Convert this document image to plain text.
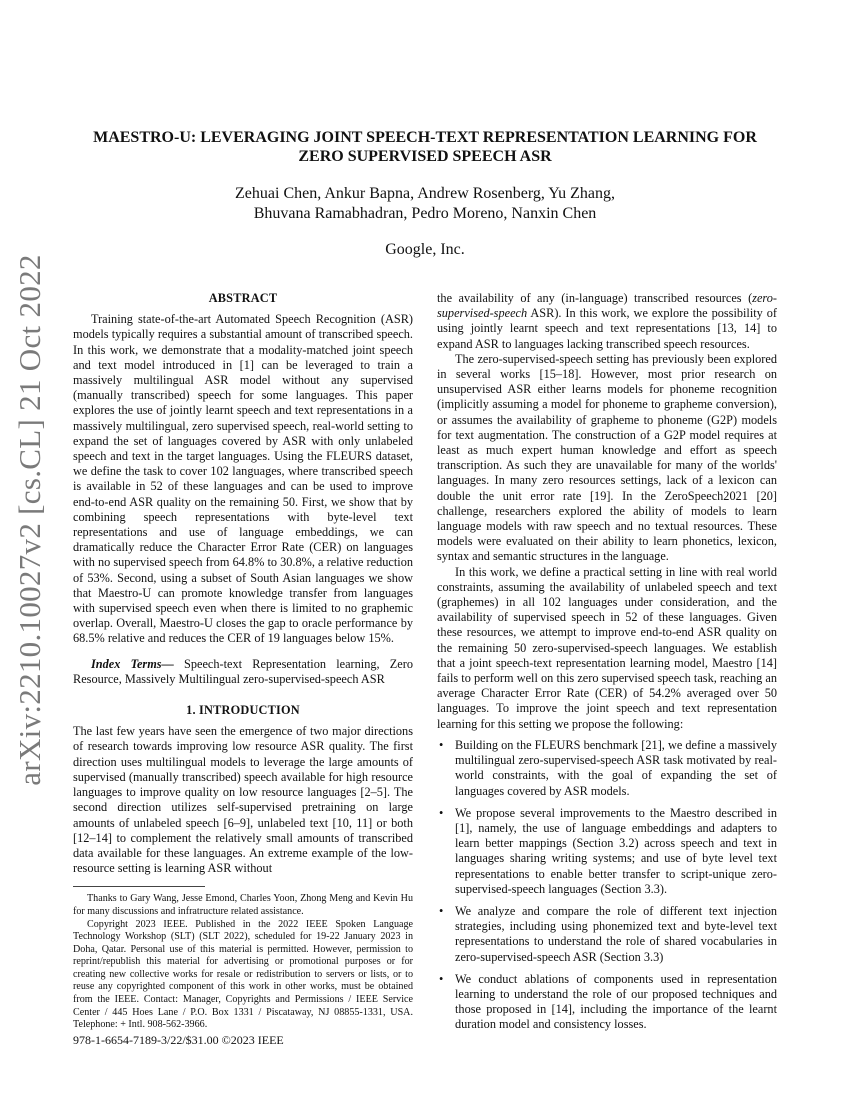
arXiv:2210.10027v2 [cs.CL] 21 Oct 2022
MAESTRO-U: LEVERAGING JOINT SPEECH-TEXT REPRESENTATION LEARNING FOR
ZERO SUPERVISED SPEECH ASR
Zehuai Chen, Ankur Bapna, Andrew Rosenberg, Yu Zhang,
Bhuvana Ramabhadran, Pedro Moreno, Nanxin Chen
Google, Inc.
ABSTRACT

Training state-of-the-art Automated Speech Recognition (ASR) models typically requires a substantial amount of transcribed speech. In this work, we demonstrate that a modality-matched joint speech and text model introduced in [1] can be leveraged to train a massively multilingual ASR model without any supervised (manually transcribed) speech for some languages. This paper explores the use of jointly learnt speech and text representations in a massively multilingual, zero supervised speech, real-world setting to expand the set of languages covered by ASR with only unlabeled speech and text in the target languages. Using the FLEURS dataset, we define the task to cover 102 languages, where transcribed speech is available in 52 of these languages and can be used to improve end-to-end ASR quality on the remaining 50. First, we show that by combining speech representations with byte-level text representations and use of language embeddings, we can dramatically reduce the Character Error Rate (CER) on languages with no supervised speech from 64.8% to 30.8%, a relative reduction of 53%. Second, using a subset of South Asian languages we show that Maestro-U can promote knowledge transfer from languages with supervised speech even when there is limited to no graphemic overlap. Overall, Maestro-U closes the gap to oracle performance by 68.5% relative and reduces the CER of 19 languages below 15%.

Index Terms— Speech-text Representation learning, Zero Resource, Massively Multilingual zero-supervised-speech ASR

1. INTRODUCTION

The last few years have seen the emergence of two major directions of research towards improving low resource ASR quality. The first direction uses multilingual models to leverage the large amounts of supervised (manually transcribed) speech available for high resource languages to improve quality on low resource languages [2–5]. The second direction utilizes self-supervised pretraining on large amounts of unlabeled speech [6–9], unlabeled text [10, 11] or both [12–14] to complement the relatively small amounts of transcribed data available for these languages. An extreme example of the low-resource setting is learning ASR without

Thanks to Gary Wang, Jesse Emond, Charles Yoon, Zhong Meng and Kevin Hu for many discussions and infratructure related assistance.

Copyright 2023 IEEE. Published in the 2022 IEEE Spoken Language Technology Workshop (SLT) (SLT 2022), scheduled for 19-22 January 2023 in Doha, Qatar. Personal use of this material is permitted. However, permission to reprint/republish this material for advertising or promotional purposes or for creating new collective works for resale or redistribution to servers or lists, or to reuse any copyrighted component of this work in other works, must be obtained from the IEEE. Contact: Manager, Copyrights and Permissions / IEEE Service Center / 445 Hoes Lane / P.O. Box 1331 / Piscataway, NJ 08855-1331, USA. Telephone: + Intl. 908-562-3966.

the availability of any (in-language) transcribed resources (zero-supervised-speech ASR). In this work, we explore the possibility of using jointly learnt speech and text representations [13, 14] to expand ASR to languages lacking transcribed speech resources.

The zero-supervised-speech setting has previously been explored in several works [15–18]. However, most prior research on unsupervised ASR either learns models for phoneme recognition (implicitly assuming a model for phoneme to grapheme conversion), or assumes the availability of grapheme to phoneme (G2P) models for text augmentation. The construction of a G2P model requires at least as much expert human knowledge and effort as speech transcription. As such they are unavailable for many of the worlds' languages. In many zero resources settings, lack of a lexicon can double the unit error rate [19]. In the ZeroSpeech2021 [20] challenge, researchers explored the ability of models to learn language models with raw speech and no textual resources. These models were evaluated on their ability to learn phonetics, lexicon, syntax and semantic structures in the language.

In this work, we define a practical setting in line with real world constraints, assuming the availability of unlabeled speech and text (graphemes) in all 102 languages under consideration, and the availability of supervised speech in 52 of these languages. Given these resources, we attempt to improve end-to-end ASR quality on the remaining 50 zero-supervised-speech languages. We establish that a joint speech-text representation learning model, Maestro [14] fails to perform well on this zero supervised speech task, reaching an average Character Error Rate (CER) of 54.2% averaged over 50 languages. To improve the joint speech and text representation learning for this setting we propose the following:

• Building on the FLEURS benchmark [21], we define a massively multilingual zero-supervised-speech ASR task motivated by real-world constraints, with the goal of expanding the set of languages covered by ASR models.
• We propose several improvements to the Maestro described in [1], namely, the use of language embeddings and adapters to learn better mappings (Section 3.2) across speech and text in languages sharing writing systems; and use of byte level text representations to enable better transfer to script-unique zero-supervised-speech languages (Section 3.3).
• We analyze and compare the role of different text injection strategies, including using phonemized text and byte-level text representations to understand the role of shared vocabularies in zero-supervised-speech ASR (Section 3.3)
• We conduct ablations of components used in representation learning to understand the role of our proposed techniques and those proposed in [14], including the importance of the learnt duration model and consistency losses.
978-1-6654-7189-3/22/$31.00 ©2023 IEEE
